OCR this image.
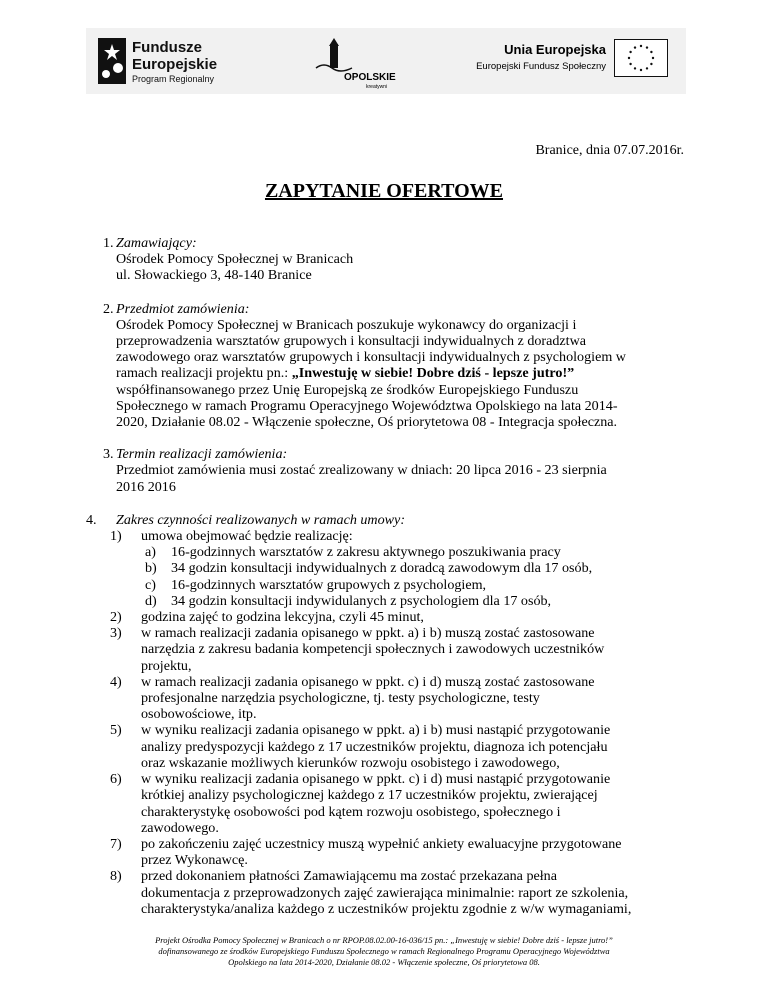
Fundusze
Europejskie
Program Regionalny	OPOLSKIE
kreatywni
Unia Europejska
Europejski Fundusz Społeczny
Branice, dnia 07.07.2016r.
ZAPYTANIE OFERTOWE
1. Zamawiający:
Ośrodek Pomocy Społecznej w Branicach
ul. Słowackiego 3, 48-140 Branice
2. Przedmiot zamówienia:
Ośrodek Pomocy Społecznej w Branicach poszukuje wykonawcy do organizacji i
przeprowadzenia warsztatów grupowych i konsultacji indywidualnych z doradztwa
zawodowego oraz warsztatów grupowych i konsultacji indywidualnych z psychologiem w
ramach realizacji projektu pn.: „Inwestuję w siebie! Dobre dziś - lepsze jutro!”
współfinansowanego przez Unię Europejską ze środków Europejskiego Funduszu
Społecznego w ramach Programu Operacyjnego Województwa Opolskiego na lata 2014-
2020, Działanie 08.02 - Włączenie społeczne, Oś priorytetowa 08 - Integracja społeczna.
3. Termin realizacji zamówienia:
Przedmiot zamówienia musi zostać zrealizowany w dniach: 20 lipca 2016 - 23 sierpnia
2016 2016
4. Zakres czynności realizowanych w ramach umowy:
1) umowa obejmować będzie realizację:
a) 16-godzinnych warsztatów z zakresu aktywnego poszukiwania pracy
b) 34 godzin konsultacji indywidualnych z doradcą zawodowym dla 17 osób,
c) 16-godzinnych warsztatów grupowych z psychologiem,
d) 34 godzin konsultacji indywidulanych z psychologiem dla 17 osób,
2) godzina zajęć to godzina lekcyjna, czyli 45 minut,
3) w ramach realizacji zadania opisanego w ppkt. a) i b) muszą zostać zastosowane
narzędzia z zakresu badania kompetencji społecznych i zawodowych uczestników
projektu,
4) w ramach realizacji zadania opisanego w ppkt. c) i d) muszą zostać zastosowane
profesjonalne narzędzia psychologiczne, tj. testy psychologiczne, testy
osobowościowe, itp.
5) w wyniku realizacji zadania opisanego w ppkt. a) i b) musi nastąpić przygotowanie
analizy predyspozycji każdego z 17 uczestników projektu, diagnoza ich potencjału
oraz wskazanie możliwych kierunków rozwoju osobistego i zawodowego,
6) w wyniku realizacji zadania opisanego w ppkt. c) i d) musi nastąpić przygotowanie
krótkiej analizy psychologicznej każdego z 17 uczestników projektu, zwierającej
charakterystykę osobowości pod kątem rozwoju osobistego, społecznego i
zawodowego.
7) po zakończeniu zajęć uczestnicy muszą wypełnić ankiety ewaluacyjne przygotowane
przez Wykonawcę.
8) przed dokonaniem płatności Zamawiającemu ma zostać przekazana pełna
dokumentacja z przeprowadzonych zajęć zawierająca minimalnie: raport ze szkolenia,
charakterystyka/analiza każdego z uczestników projektu zgodnie z w/w wymaganiami,
Projekt Ośrodka Pomocy Społecznej w Branicach o nr RPOP.08.02.00-16-036/15 pn.: „Inwestuję w siebie! Dobre dziś - lepsze jutro!”
dofinansowanego ze środków Europejskiego Funduszu Społecznego w ramach Regionalnego Programu Operacyjnego Województwa
Opolskiego na lata 2014-2020, Działanie 08.02 - Włączenie społeczne, Oś priorytetowa 08.
